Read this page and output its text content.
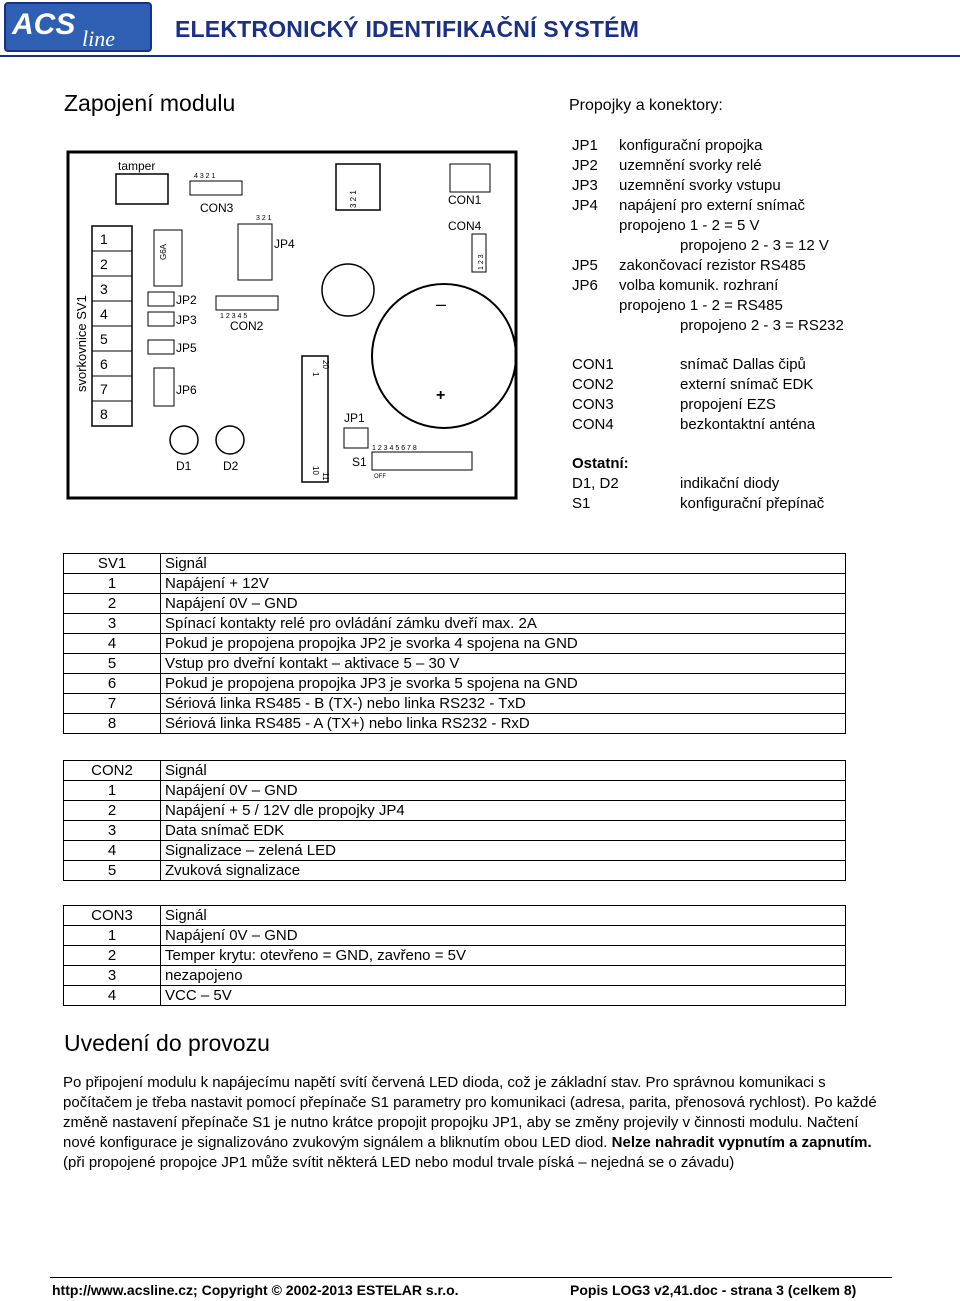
ACS line	ELEKTRONICKÝ IDENTIFIKAČNÍ SYSTÉM
Zapojení modulu	Propojky a konektory:
svorkovnice SV1
1
2
3
4
5
6
7
8
tamper
4 3 2 1
CON3	3 2 1	CON1
CON4
1 2 3
3 2 1
G6A	JP4
–
+
JP2
JP3	1 2 3 4 5
CON2
JP5
JP6
1
20
10
11
JP1
1 2 3 4 5 6 7 8
OFF
S1
D1	D2
JP1 konfigurační propojka
JP2 uzemnění svorky relé
JP3 uzemnění svorky vstupu
JP4 napájení pro externí snímač
propojeno 1 - 2 = 5 V
propojeno 2 - 3 = 12 V
JP5 zakončovací rezistor RS485
JP6 volba komunik. rozhraní
propojeno 1 - 2 = RS485
propojeno 2 - 3 = RS232
CON1	snímač Dallas čipů
CON2	externí snímač EDK
CON3	propojení EZS
CON4	bezkontaktní anténa
Ostatní:
D1, D2	indikační diody
S1	konfigurační přepínač
SV1	Signál
1	Napájení + 12V
2	Napájení 0V – GND
3	Spínací kontakty relé pro ovládání zámku dveří max. 2A
4	Pokud je propojena propojka JP2 je svorka 4 spojena na GND
5	Vstup pro dveřní kontakt – aktivace 5 – 30 V
6	Pokud je propojena propojka JP3 je svorka 5 spojena na GND
7	Sériová linka RS485 - B (TX-) nebo linka RS232 - TxD
8	Sériová linka RS485 - A (TX+) nebo linka RS232 - RxD
CON2	Signál
1	Napájení 0V – GND
2	Napájení + 5 / 12V dle propojky JP4
3	Data snímač EDK
4	Signalizace – zelená LED
5	Zvuková signalizace
CON3	Signál
1	Napájení 0V – GND
2	Temper krytu: otevřeno = GND, zavřeno = 5V
3	nezapojeno
4	VCC – 5V
Uvedení do provozu

Po připojení modulu k napájecímu napětí svítí červená LED dioda, což je základní stav. Pro správnou komunikaci s počítačem je třeba nastavit pomocí přepínače S1 parametry pro komunikaci (adresa, parita, přenosová rychlost). Po každé změně nastavení přepínače S1 je nutno krátce propojit propojku JP1, aby se změny projevily v činnosti modulu. Načtení nové konfigurace je signalizováno zvukovým signálem a bliknutím obou LED diod. Nelze nahradit vypnutím a zapnutím.

(při propojené propojce JP1 může svítit některá LED nebo modul trvale píská – nejedná se o závadu)

http://www.acsline.cz; Copyright © 2002-2013 ESTELAR s.r.o.	Popis LOG3 v2,41.doc - strana 3 (celkem 8)
